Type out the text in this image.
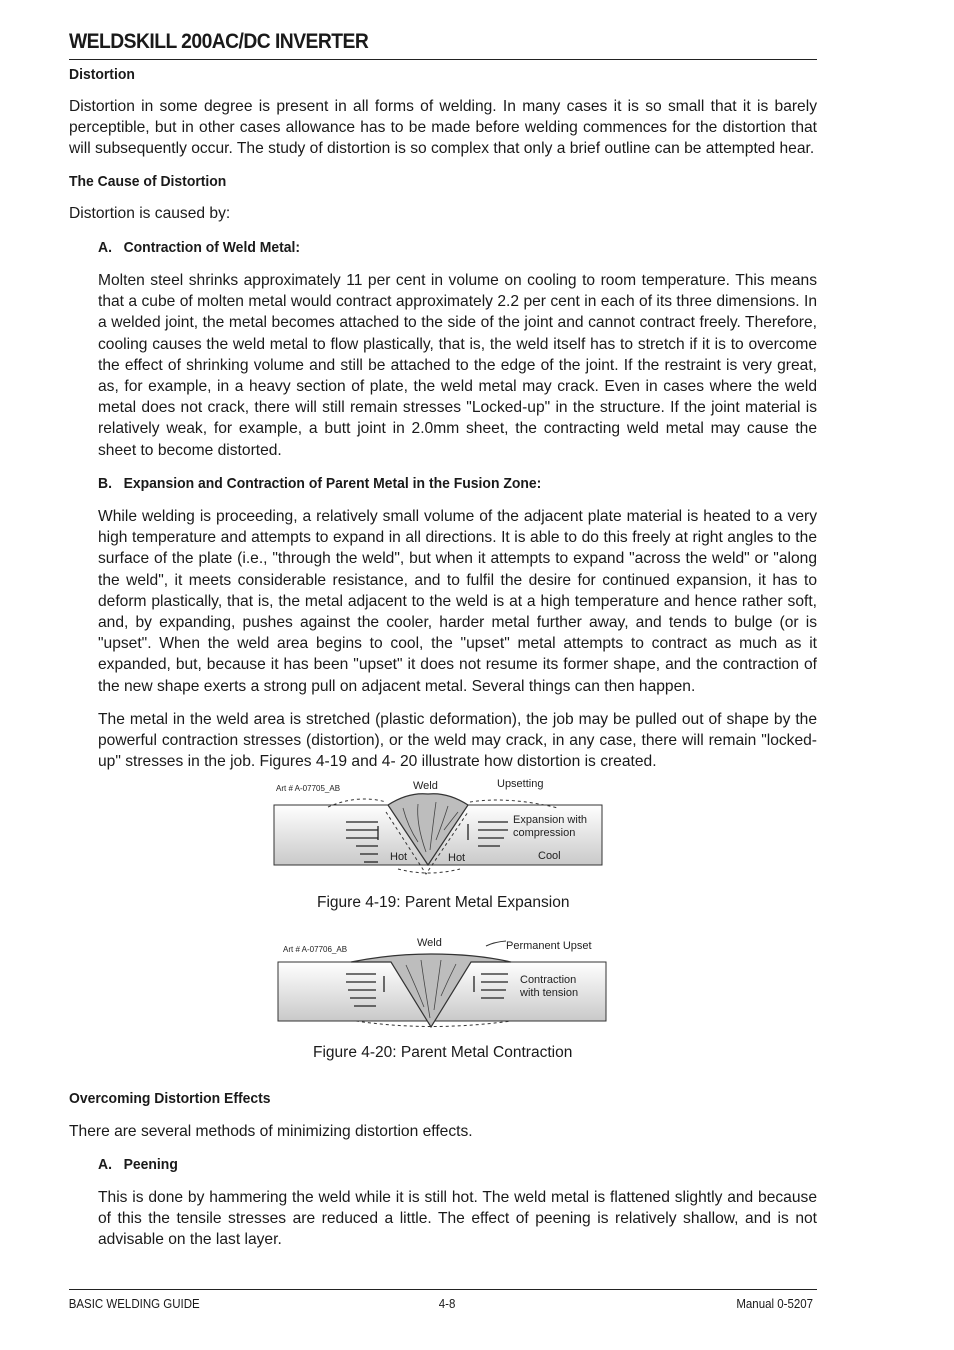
WELDSKILL 200AC/DC INVERTER
Distortion
Distortion in some degree is present in all forms of welding. In many cases it is so small that it is barely perceptible, but in other cases allowance has to be made before welding commences for the distortion that will subsequently occur. The study of distortion is so complex that only a brief outline can be attempted hear.
The Cause of Distortion
Distortion is caused by:
A.   Contraction of Weld Metal:
Molten steel shrinks approximately 11 per cent in volume on cooling to room temperature. This means that a cube of molten metal would contract approximately 2.2 per cent in each of its three dimensions. In a welded joint, the metal becomes attached to the side of the joint and cannot contract freely. Therefore, cooling causes the weld metal to flow plastically, that is, the weld itself has to stretch if it is to overcome the effect of shrinking volume and still be attached to the edge of the joint. If the restraint is very great, as, for example, in a heavy section of plate, the weld metal may crack. Even in cases where the weld metal does not crack, there will still remain stresses "Locked-up" in the structure. If the joint material is relatively weak, for example, a butt joint in 2.0mm sheet, the contracting weld metal may cause the sheet to become distorted.
B.   Expansion and Contraction of Parent Metal in the Fusion Zone:
While welding is proceeding, a relatively small volume of the adjacent plate material is heated to a very high temperature and attempts to expand in all directions. It is able to do this freely at right angles to the surface of the plate (i.e., "through the weld", but when it attempts to expand "across the weld" or "along the weld", it meets considerable resistance, and to fulfil the desire for continued expansion, it has to deform plastically, that is, the metal adjacent to the weld is at a high temperature and hence rather soft, and, by expanding, pushes against the cooler, harder metal further away, and tends to bulge (or is "upset". When the weld area begins to cool, the "upset" metal attempts to contract as much as it expanded, but, because it has been "upset" it does not resume its former shape, and the contraction of the new shape exerts a strong pull on adjacent metal. Several things can then happen.
The metal in the weld area is stretched (plastic deformation), the job may be pulled out of shape by the powerful contraction stresses (distortion), or the weld may crack, in any case, there will remain "locked-up" stresses in the job. Figures 4-19 and 4- 20 illustrate how distortion is created.
Art # A-07705_AB	Weld	Upsetting
Expansion with
compression
Hot	Hot	Cool
Figure 4-19: Parent Metal Expansion
Art # A-07706_AB
Weld	Permanent Upset
Contraction
with tension
Figure 4-20: Parent Metal Contraction
Overcoming Distortion Effects
There are several methods of minimizing distortion effects.
A.   Peening
This is done by hammering the weld while it is still hot. The weld metal is flattened slightly and because of this the tensile stresses are reduced a little. The effect of peening is relatively shallow, and is not advisable on the last layer.
BASIC WELDING GUIDE	4-8	Manual 0-5207
